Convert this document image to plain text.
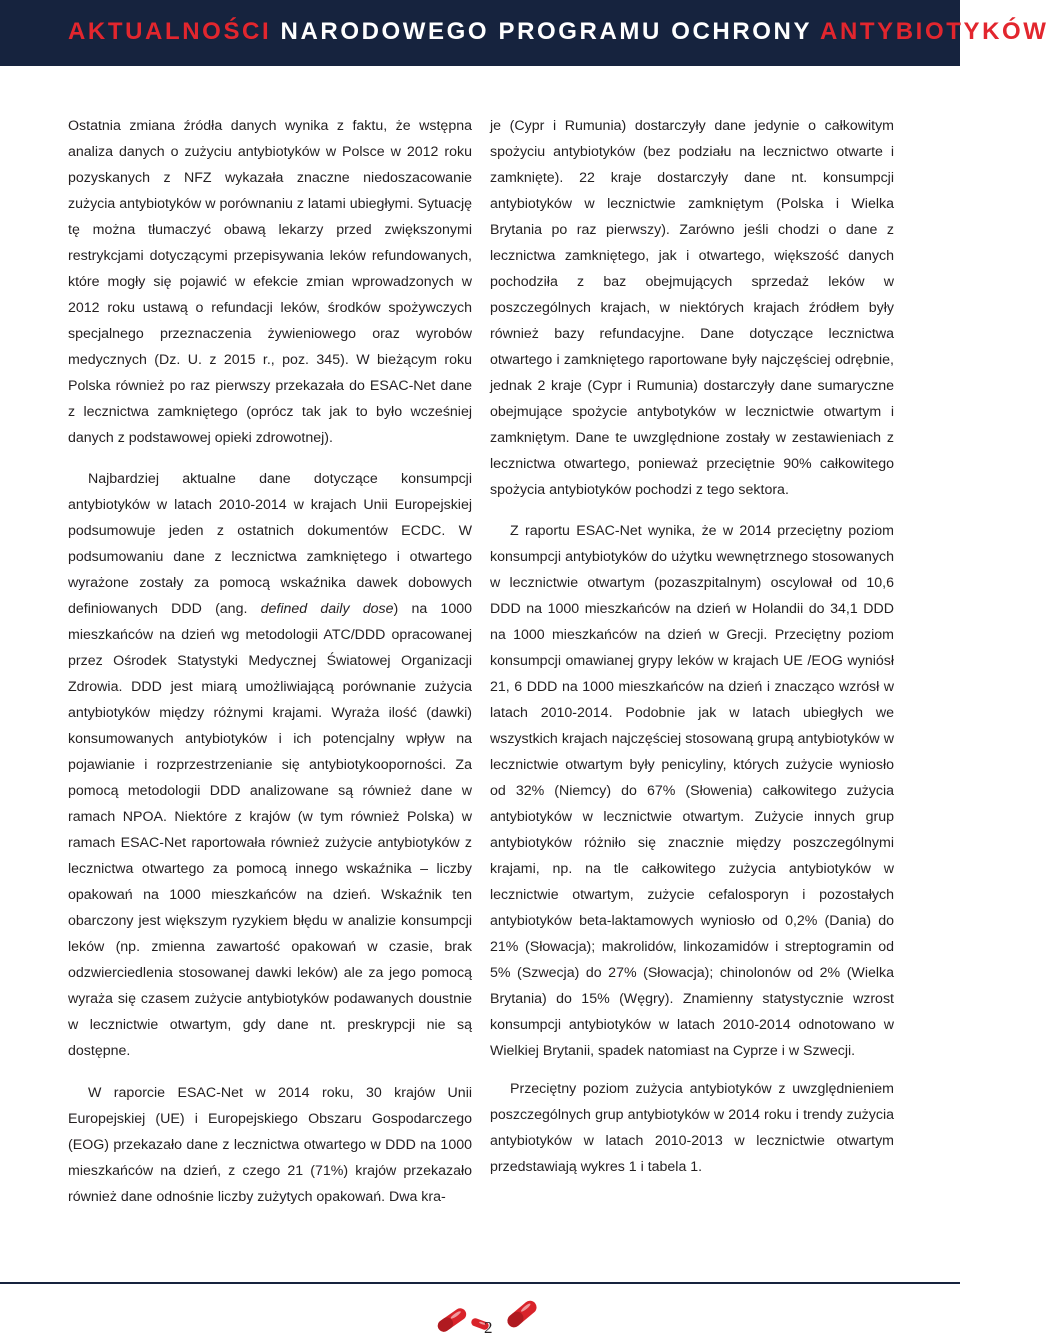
AKTUALNOŚCI NARODOWEGO PROGRAMU OCHRONY ANTYBIOTYKÓW

Ostatnia zmiana źródła danych wynika z faktu, że wstępna analiza danych o zużyciu antybiotyków w Polsce w 2012 roku pozyskanych z NFZ wykazała znaczne niedoszacowanie zużycia antybiotyków w porównaniu z latami ubiegłymi. Sytuację tę można tłumaczyć obawą lekarzy przed zwiększonymi restrykcjami dotyczącymi przepisywania leków refundowanych, które mogły się pojawić w efekcie zmian wprowadzonych w 2012 roku ustawą o refundacji leków, środków spożywczych specjalnego przeznaczenia żywieniowego oraz wyrobów medycznych (Dz. U. z 2015 r., poz. 345). W bieżącym roku Polska również po raz pierwszy przekazała do ESAC-Net dane z lecznictwa zamkniętego (oprócz tak jak to było wcześniej danych z podstawowej opieki zdrowotnej).

Najbardziej aktualne dane dotyczące konsumpcji antybiotyków w latach 2010-2014 w krajach Unii Europejskiej podsumowuje jeden z ostatnich dokumentów ECDC. W podsumowaniu dane z lecznictwa zamkniętego i otwartego wyrażone zostały za pomocą wskaźnika dawek dobowych definiowanych DDD (ang. defined daily dose) na 1000 mieszkańców na dzień wg metodologii ATC/DDD opracowanej przez Ośrodek Statystyki Medycznej Światowej Organizacji Zdrowia. DDD jest miarą umożliwiającą porównanie zużycia antybiotyków między różnymi krajami. Wyraża ilość (dawki) konsumowanych antybiotyków i ich potencjalny wpływ na pojawianie i rozprzestrzenianie się antybiotykooporności. Za pomocą metodologii DDD analizowane są również dane w ramach NPOA. Niektóre z krajów (w tym również Polska) w ramach ESAC-Net raportowała również zużycie antybiotyków z lecznictwa otwartego za pomocą innego wskaźnika – liczby opakowań na 1000 mieszkańców na dzień. Wskaźnik ten obarczony jest większym ryzykiem błędu w analizie konsumpcji leków (np. zmienna zawartość opakowań w czasie, brak odzwierciedlenia stosowanej dawki leków) ale za jego pomocą wyraża się czasem zużycie antybiotyków podawanych doustnie w lecznictwie otwartym, gdy dane nt. preskrypcji nie są dostępne.

W raporcie ESAC-Net w 2014 roku, 30 krajów Unii Europejskiej (UE) i Europejskiego Obszaru Gospodarczego (EOG) przekazało dane z lecznictwa otwartego w DDD na 1000 mieszkańców na dzień, z czego 21 (71%) krajów przekazało również dane odnośnie liczby zużytych opakowań. Dwa kra-

je (Cypr i Rumunia) dostarczyły dane jedynie o całkowitym spożyciu antybiotyków (bez podziału na lecznictwo otwarte i zamknięte). 22 kraje dostarczyły dane nt. konsumpcji antybiotyków w lecznictwie zamkniętym (Polska i Wielka Brytania po raz pierwszy). Zarówno jeśli chodzi o dane z lecznictwa zamkniętego, jak i otwartego, większość danych pochodziła z baz obejmujących sprzedaż leków w poszczególnych krajach, w niektórych krajach źródłem były również bazy refundacyjne. Dane dotyczące lecznictwa otwartego i zamkniętego raportowane były najczęściej odrębnie, jednak 2 kraje (Cypr i Rumunia) dostarczyły dane sumaryczne obejmujące spożycie antybotyków w lecznictwie otwartym i zamkniętym. Dane te uwzględnione zostały w zestawieniach z lecznictwa otwartego, ponieważ przeciętnie 90% całkowitego spożycia antybiotyków pochodzi z tego sektora.

Z raportu ESAC-Net wynika, że w 2014 przeciętny poziom konsumpcji antybiotyków do użytku wewnętrznego stosowanych w lecznictwie otwartym (pozaszpitalnym) oscylował od 10,6 DDD na 1000 mieszkańców na dzień w Holandii do 34,1 DDD na 1000 mieszkańców na dzień w Grecji. Przeciętny poziom konsumpcji omawianej grypy leków w krajach UE /EOG wyniósł 21, 6 DDD na 1000 mieszkańców na dzień i znacząco wzrósł w latach 2010-2014. Podobnie jak w latach ubiegłych we wszystkich krajach najczęściej stosowaną grupą antybiotyków w lecznictwie otwartym były penicyliny, których zużycie wyniosło od 32% (Niemcy) do 67% (Słowenia) całkowitego zużycia antybiotyków w lecznictwie otwartym. Zużycie innych grup antybiotyków różniło się znacznie między poszczególnymi krajami, np. na tle całkowitego zużycia antybiotyków w lecznictwie otwartym, zużycie cefalosporyn i pozostałych antybiotyków beta-laktamowych wyniosło od 0,2% (Dania) do 21% (Słowacja); makrolidów, linkozamidów i streptogramin od 5% (Szwecja) do 27% (Słowacja); chinolonów od 2% (Wielka Brytania) do 15% (Węgry). Znamienny statystycznie wzrost konsumpcji antybiotyków w latach 2010-2014 odnotowano w Wielkiej Brytanii, spadek natomiast na Cyprze i w Szwecji.

Przeciętny poziom zużycia antybiotyków z uwzględnieniem poszczególnych grup antybiotyków w 2014 roku i trendy zużycia antybiotyków w latach 2010-2013 w lecznictwie otwartym przedstawiają wykres 1 i tabela 1.

2
